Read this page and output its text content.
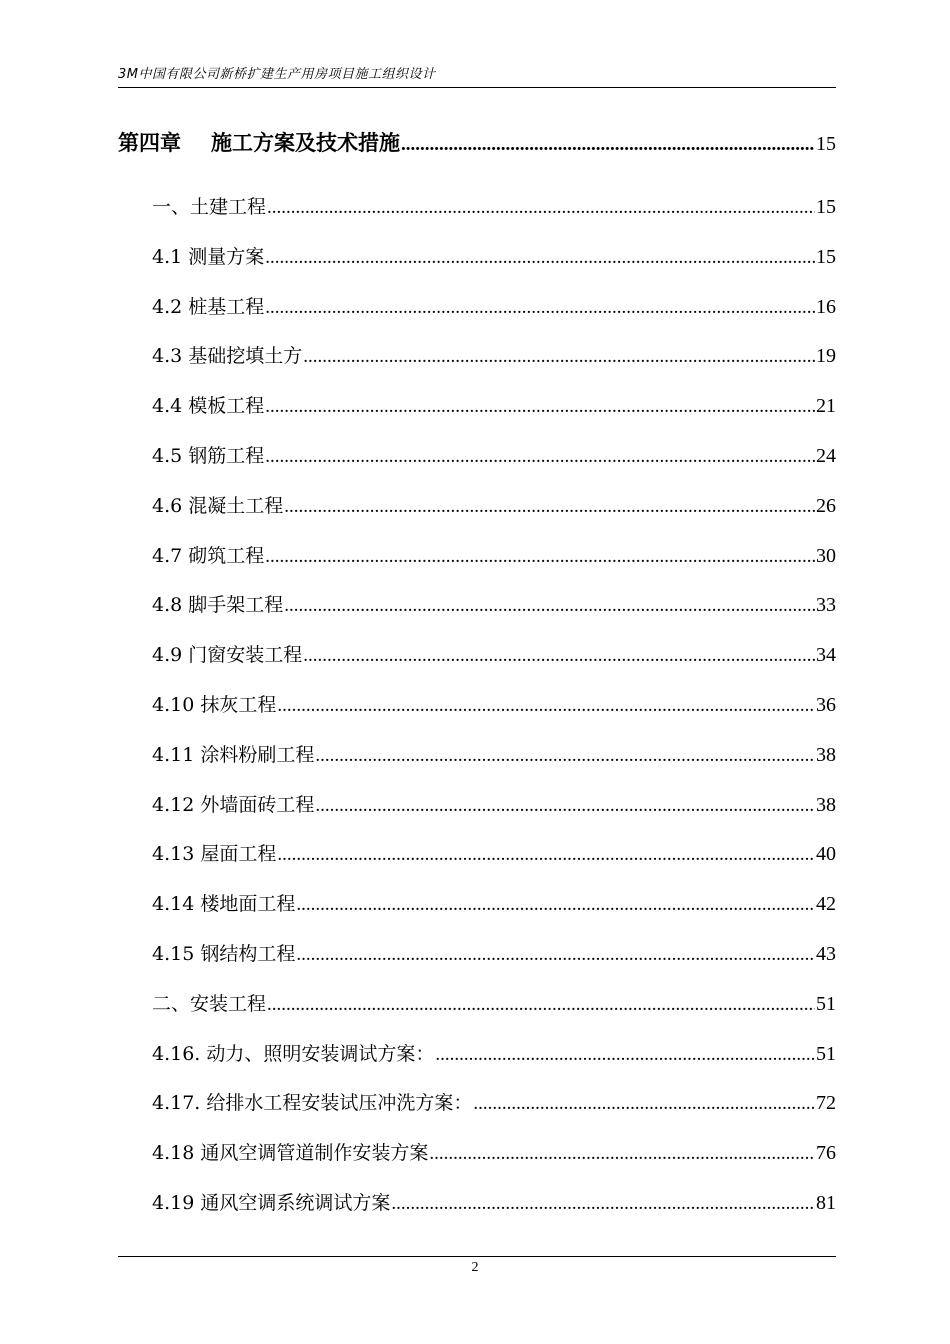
3M中国有限公司新桥扩建生产用房项目施工组织设计
第四章 施工方案及技术措施 .....	15
一、土建工程 .....	15
4.1 测量方案 .....	15
4.2 桩基工程 .....	16
4.3 基础挖填土方 .....	19
4.4 模板工程 .....	21
4.5 钢筋工程 .....	24
4.6 混凝土工程 .....	26
4.7 砌筑工程 .....	30
4.8 脚手架工程 .....	33
4.9 门窗安装工程 .....	34
4.10 抹灰工程 .....	36
4.11 涂料粉刷工程 .....	38
4.12 外墙面砖工程 .....	38
4.13 屋面工程 .....	40
4.14 楼地面工程 .....	42
4.15 钢结构工程 .....	43
二、安装工程 .....	51
4.16. 动力、照明安装调试方案： .....	51
4.17. 给排水工程安装试压冲洗方案： .....	72
4.18 通风空调管道制作安装方案 .....	76
4.19 通风空调系统调试方案 .....	81
2
